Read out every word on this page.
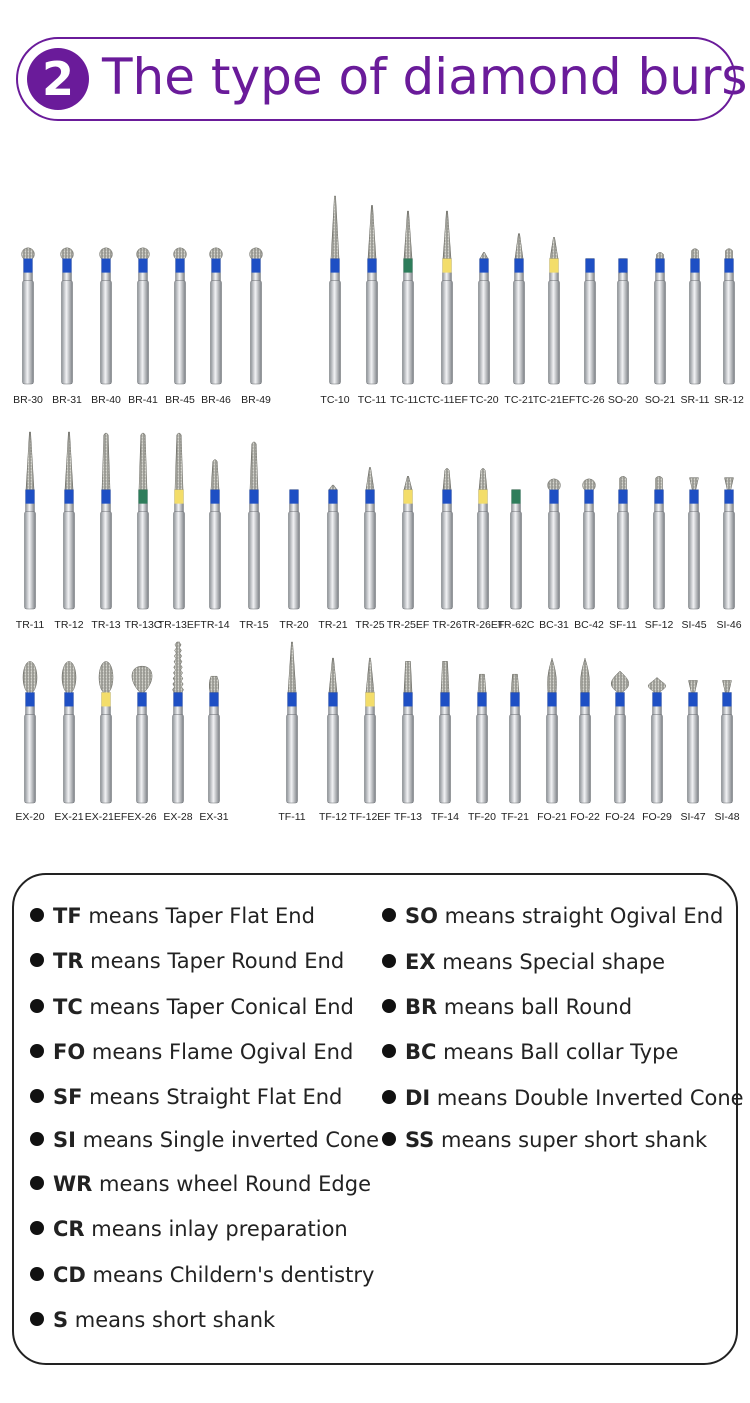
2 The type of diamond burs
BR-30 BR-31 BR-40 BR-41 BR-45 BR-46 BR-49	TC-10 TC-11 TC-11C TC-11EF TC-20 TC-21 TC-21EF TC-26 SO-20 SO-21 SR-11 SR-12
TR-11 TR-12 TR-13 TR-13C
TR-13EF TR-14 TR-15 TR-20 TR-21 TR-25 TR-25EF TR-26 TR-26EF
TR-62C BC-31 BC-42 SF-11 SF-12 SI-45 SI-46
EX-20 EX-21 EX-21EF EX-26 EX-28 EX-31	TF-11 TF-12 TF-12EF TF-13 TF-14 TF-20 TF-21 FO-21 FO-22 FO-24 FO-29 SI-47 SI-48
TF means Taper Flat End
TR means Taper Round End
TC means Taper Conical End
FO means Flame Ogival End
SF means Straight Flat End
SI means Single inverted Cone
WR means wheel Round Edge
CR means inlay preparation
CD means Childern's dentistry
S means short shank
SO means straight Ogival End
EX means Special shape
BR means ball Round
BC means Ball collar Type
DI means Double Inverted Cone
SS means super short shank
